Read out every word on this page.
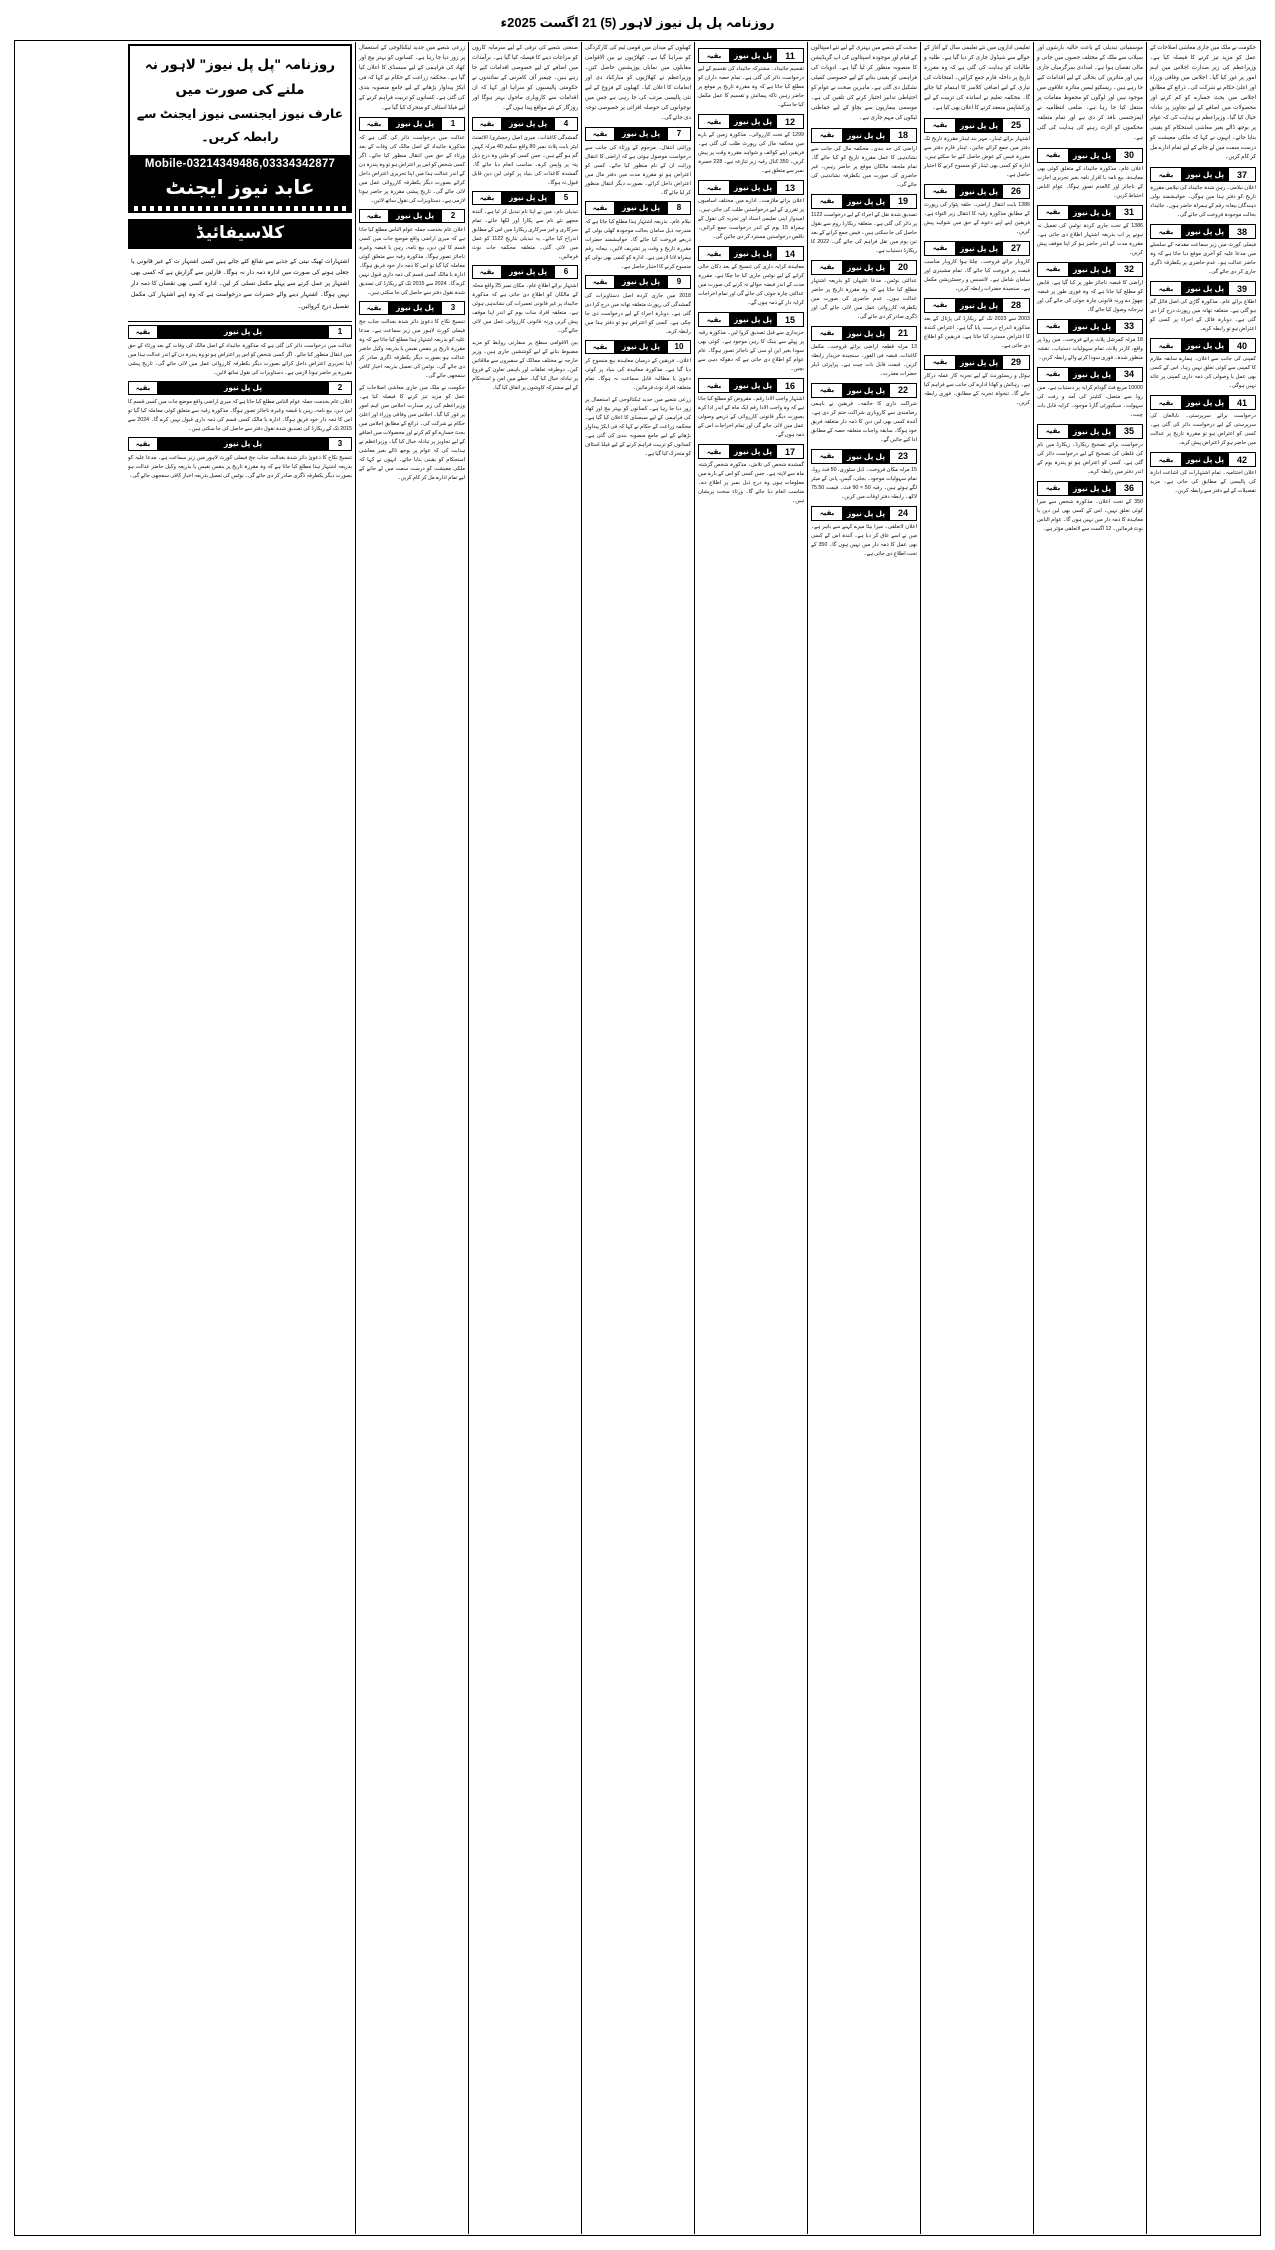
روزنامہ پل پل نیوز لاہور (5) 21 اگست 2025ء

حکومت نے ملک میں جاری معاشی اصلاحات کے عمل کو مزید تیز کرنے کا فیصلہ کیا ہے۔ وزیراعظم کی زیر صدارت اجلاس میں اہم امور پر غور کیا گیا۔ اجلاس میں وفاقی وزراء اور اعلیٰ حکام نے شرکت کی۔ ذرائع کے مطابق اجلاس میں بجٹ خسارے کو کم کرنے اور محصولات میں اضافے کے لیے تجاویز پر تبادلہ خیال کیا گیا۔ وزیراعظم نے ہدایت کی کہ عوام پر بوجھ ڈالے بغیر معاشی استحکام کو یقینی بنایا جائے۔ انہوں نے کہا کہ ملکی معیشت کو درست سمت میں لے جانے کے لیے تمام ادارے مل کر کام کریں۔

37
پل پل نیوز
بقیہ

اعلان نیلامی۔ رہن شدہ جائیداد کی نیلامی مقررہ تاریخ کو دفتر ہذا میں ہوگی۔ خواہشمند بولی دہندگان بیعانہ رقم کے ہمراہ حاضر ہوں۔ جائیداد بحالت موجودہ فروخت کی جائے گی۔

38
پل پل نیوز
بقیہ

فیملی کورٹ میں زیر سماعت مقدمہ کے سلسلے میں مدعا علیہ کو آخری موقع دیا جاتا ہے کہ وہ حاضر عدالت ہو۔ عدم حاضری پر یکطرفہ ڈگری جاری کر دی جائے گی۔

39
پل پل نیوز
بقیہ

اطلاع برائے عام۔ مذکورہ گاڑی کی اصل فائل گم ہو گئی ہے۔ متعلقہ تھانہ میں رپورٹ درج کرا دی گئی ہے۔ دوبارہ فائل کے اجراء پر کسی کو اعتراض ہو تو رابطہ کرے۔

40
پل پل نیوز
بقیہ

کمپنی کی جانب سے اعلان۔ ہمارے سابقہ ملازم کا کمپنی سے کوئی تعلق نہیں رہا۔ اس کے کسی بھی عمل یا وصولی کی ذمہ داری کمپنی پر عائد نہیں ہوگی۔

41
پل پل نیوز
بقیہ

درخواست برائے سرپرستی۔ نابالغان کی سرپرستی کے لیے درخواست دائر کی گئی ہے۔ کسی کو اعتراض ہو تو مقررہ تاریخ پر عدالت میں حاضر ہو کر اعتراض پیش کرے۔

42
پل پل نیوز
بقیہ

اعلان اختتامیہ۔ تمام اشتہارات کی اشاعت ادارہ کی پالیسی کے مطابق کی جاتی ہے۔ مزید تفصیلات کے لیے دفتر سے رابطہ کریں۔

موسمیاتی تبدیلی کے باعث حالیہ بارشوں اور سیلاب سے ملک کے مختلف حصوں میں جانی و مالی نقصان ہوا ہے۔ امدادی سرگرمیاں جاری ہیں اور متاثرین کی بحالی کے لیے اقدامات کیے جا رہے ہیں۔ ریسکیو ٹیمیں متاثرہ علاقوں میں موجود ہیں اور لوگوں کو محفوظ مقامات پر منتقل کیا جا رہا ہے۔ ضلعی انتظامیہ نے ایمرجنسی نافذ کر دی ہے اور تمام متعلقہ محکموں کو الرٹ رہنے کی ہدایت کی گئی ہے۔

30
پل پل نیوز
بقیہ

اعلان عام۔ مذکورہ جائیداد کے متعلق کوئی بھی معاہدہ، بیع نامہ یا اقرار نامہ بغیر تحریری اجازت کے ناجائز اور کالعدم تصور ہوگا۔ عوام الناس احتیاط کریں۔

31
پل پل نیوز
بقیہ

1386 کے تحت جاری کردہ نوٹس کی تعمیل نہ ہونے پر اب بذریعہ اشتہار اطلاع دی جاتی ہے۔ مقررہ مدت کے اندر حاضر ہو کر اپنا موقف پیش کریں۔

32
پل پل نیوز
بقیہ

اراضی کا قبضہ ناجائز طور پر کیا گیا ہے۔ قابض کو مطلع کیا جاتا ہے کہ وہ فوری طور پر قبضہ چھوڑ دے ورنہ قانونی چارہ جوئی کی جائے گی اور ہرجانہ وصول کیا جائے گا۔

33
پل پل نیوز
بقیہ

18 مرلہ کمرشل پلاٹ برائے فروخت۔ مین روڈ پر واقع، کارنر پلاٹ، تمام سہولیات دستیاب۔ نقشہ منظور شدہ۔ فوری سودا کرنے والے رابطہ کریں۔

34
پل پل نیوز
بقیہ

10000 مربع فٹ گودام کرایہ پر دستیاب ہے۔ مین روڈ سے متصل، کنٹینر کی آمد و رفت کی سہولت۔ سیکیورٹی گارڈ موجود۔ کرایہ قابل بات چیت۔

35
پل پل نیوز
بقیہ

درخواست برائے تصحیح ریکارڈ۔ ریکارڈ میں نام کی غلطی کی تصحیح کے لیے درخواست دائر کی گئی ہے۔ کسی کو اعتراض ہو تو پندرہ یوم کے اندر دفتر میں رابطہ کرے۔

36
پل پل نیوز
بقیہ

350 کے تحت اعلان۔ مذکورہ شخص سے میرا کوئی تعلق نہیں۔ اس کے کسی بھی لین دین یا معاہدہ کا ذمہ دار میں نہیں ہوں گا۔ عوام الناس نوٹ فرمائیں۔ 12 اگست سے لاتعلقی مؤثر ہے۔

تعلیمی اداروں میں نئے تعلیمی سال کے آغاز کے حوالے سے شیڈول جاری کر دیا گیا ہے۔ طلبہ و طالبات کو ہدایت کی گئی ہے کہ وہ مقررہ تاریخ پر داخلہ فارم جمع کرائیں۔ امتحانات کی تیاری کے لیے اضافی کلاسز کا اہتمام کیا جائے گا۔ محکمہ تعلیم نے اساتذہ کی تربیت کے لیے ورکشاپس منعقد کرنے کا اعلان بھی کیا ہے۔

25
پل پل نیوز
بقیہ

اشتہار برائے ٹینڈر۔ مہر بند ٹینڈر مقررہ تاریخ تک دفتر میں جمع کرائے جائیں۔ ٹینڈر فارم دفتر سے مقررہ فیس کے عوض حاصل کیے جا سکتے ہیں۔ ادارہ کو کسی بھی ٹینڈر کو منسوخ کرنے کا اختیار حاصل ہے۔

26
پل پل نیوز
بقیہ

1386 بابت انتقال اراضی۔ حلقہ پٹوار کی رپورٹ کے مطابق مذکورہ رقبہ کا انتقال زیر التواء ہے۔ فریقین اپنے اپنے دعوے کے حق میں شواہد پیش کریں۔

27
پل پل نیوز
بقیہ

کاروبار برائے فروخت۔ چلتا ہوا کاروبار مناسب قیمت پر فروخت کیا جائے گا۔ تمام مشینری اور سامان شامل ہے۔ لائسنس و رجسٹریشن مکمل ہے۔ سنجیدہ حضرات رابطہ کریں۔

28
پل پل نیوز
بقیہ

2003 سے 2023 تک کے ریکارڈ کی پڑتال کے بعد مذکورہ اندراج درست پایا گیا ہے۔ اعتراض کنندہ کا اعتراض مسترد کیا جاتا ہے۔ فریقین کو اطلاع دی جاتی ہے۔

29
پل پل نیوز
بقیہ

ہوٹل و ریسٹورنٹ کے لیے تجربہ کار عملہ درکار ہے۔ رہائش و کھانا ادارے کی جانب سے فراہم کیا جائے گا۔ تنخواہ تجربہ کے مطابق۔ فوری رابطہ کریں۔

صحت کے شعبے میں بہتری کے لیے نئے اسپتالوں کے قیام اور موجودہ اسپتالوں کی اپ گریڈیشن کا منصوبہ منظور کر لیا گیا ہے۔ ادویات کی فراہمی کو یقینی بنانے کے لیے خصوصی کمیٹی تشکیل دی گئی ہے۔ ماہرین صحت نے عوام کو احتیاطی تدابیر اختیار کرنے کی تلقین کی ہے۔ موسمی بیماریوں سے بچاؤ کے لیے حفاظتی ٹیکوں کی مہم جاری ہے۔

18
پل پل نیوز
بقیہ

اراضی کی حد بندی۔ محکمہ مال کی جانب سے نشاندہی کا عمل مقررہ تاریخ کو کیا جائے گا۔ تمام ملحقہ مالکان موقع پر حاضر رہیں۔ غیر حاضری کی صورت میں یکطرفہ نشاندہی کی جائے گی۔

19
پل پل نیوز
بقیہ

تصدیق شدہ نقل کے اجراء کے لیے درخواست 1122 پر دائر کی گئی ہے۔ متعلقہ ریکارڈ روم سے نقول حاصل کی جا سکتی ہیں۔ فیس جمع کرانے کے بعد تین یوم میں نقل فراہم کی جائے گی۔ 2022 کا ریکارڈ دستیاب ہے۔

20
پل پل نیوز
بقیہ

عدالتی نوٹس۔ مدعا علیہان کو بذریعہ اشتہار مطلع کیا جاتا ہے کہ وہ مقررہ تاریخ پر حاضر عدالت ہوں۔ عدم حاضری کی صورت میں یکطرفہ کارروائی عمل میں لائی جائے گی اور ڈگری صادر کر دی جائے گی۔

21
پل پل نیوز
بقیہ

13 مرلہ قطعہ اراضی برائے فروخت۔ مکمل کاغذات، قبضہ فی الفور۔ سنجیدہ خریدار رابطہ کریں۔ قیمت قابل بات چیت ہے۔ پراپرٹی ڈیلر حضرات معذرت۔

22
پل پل نیوز
بقیہ

شراکت داری کا خاتمہ۔ فریقین نے باہمی رضامندی سے کاروباری شراکت ختم کر دی ہے۔ آئندہ کسی بھی لین دین کا ذمہ دار متعلقہ فریق خود ہوگا۔ سابقہ واجبات متعلقہ حصہ کے مطابق ادا کیے جائیں گے۔

23
پل پل نیوز
بقیہ

15 مرلہ مکان فروخت۔ ڈبل سٹوری، 50 فٹ روڈ، تمام سہولیات موجود۔ بجلی، گیس، پانی کے میٹر لگے ہوئے ہیں۔ رقبہ 50 × 90 فٹ۔ قیمت 75.50 لاکھ۔ رابطہ دفتر اوقات میں کریں۔

24
پل پل نیوز
بقیہ

اعلان لاتعلقی۔ میرا بیٹا میرے کہنے سے باہر ہے۔ میں نے اسے عاق کر دیا ہے۔ آئندہ اس کے کسی بھی عمل کا ذمہ دار میں نہیں ہوں گا۔ 350 کے تحت اطلاع دی جاتی ہے۔

11
پل پل نیوز
بقیہ

تقسیم جائیداد۔ مشترکہ جائیداد کی تقسیم کے لیے درخواست دائر کی گئی ہے۔ تمام حصہ داران کو مطلع کیا جاتا ہے کہ وہ مقررہ تاریخ پر موقع پر حاضر رہیں تاکہ پیمائش و تقسیم کا عمل مکمل کیا جا سکے۔

12
پل پل نیوز
بقیہ

1299 کے تحت کارروائی۔ مذکورہ زمین کے بارے میں محکمہ مال کی رپورٹ طلب کی گئی ہے۔ فریقین اپنے کوائف و شواہد مقررہ وقت پر پیش کریں۔ 350 کنال رقبہ زیر تنازعہ ہے۔ 228 خسرہ نمبر سے متعلق ہے۔

13
پل پل نیوز
بقیہ

اعلان برائے ملازمت۔ ادارے میں مختلف اسامیوں پر تقرری کے لیے درخواستیں طلب کی جاتی ہیں۔ امیدوار اپنی تعلیمی اسناد اور تجربہ کی نقول کے ہمراہ 15 یوم کے اندر درخواست جمع کرائیں۔ ناقص درخواستیں مسترد کر دی جائیں گی۔

14
پل پل نیوز
بقیہ

معاہدہ کرایہ داری کی تنسیخ کے بعد دکان خالی کرانے کے لیے نوٹس جاری کیا جا چکا ہے۔ مقررہ مدت کے اندر قبضہ حوالے نہ کرنے کی صورت میں عدالتی چارہ جوئی کی جائے گی اور تمام اخراجات کرایہ دار کے ذمہ ہوں گے۔

15
پل پل نیوز
بقیہ

خریداری سے قبل تصدیق کروا لیں۔ مذکورہ رقبہ پر پہلے سے بینک کا رہن موجود ہے۔ کوئی بھی سودا بغیر این او سی کے ناجائز تصور ہوگا۔ عام عوام کو اطلاع دی جاتی ہے کہ دھوکہ دہی سے بچیں۔

16
پل پل نیوز
بقیہ

اشتہار واجب الادا رقم۔ مقروض کو مطلع کیا جاتا ہے کہ وہ واجب الادا رقم ایک ماہ کے اندر ادا کرے بصورت دیگر قانونی کارروائی کے ذریعے وصولی عمل میں لائی جائے گی اور تمام اخراجات اس کے ذمہ ہوں گے۔

17
پل پل نیوز
بقیہ

گمشدہ شخص کی تلاش۔ مذکورہ شخص گزشتہ ماہ سے لاپتہ ہے۔ جس کسی کو اس کے بارے میں معلومات ہوں وہ درج ذیل نمبر پر اطلاع دے۔ مناسب انعام دیا جائے گا۔ ورثاء سخت پریشان ہیں۔

کھیلوں کے میدان میں قومی ٹیم کی کارکردگی کو سراہا گیا ہے۔ کھلاڑیوں نے بین الاقوامی مقابلوں میں نمایاں پوزیشنیں حاصل کیں۔ وزیراعظم نے کھلاڑیوں کو مبارکباد دی اور انعامات کا اعلان کیا۔ کھیلوں کے فروغ کے لیے نئی پالیسی مرتب کی جا رہی ہے جس میں نوجوانوں کی حوصلہ افزائی پر خصوصی توجہ دی جائے گی۔

7
پل پل نیوز
بقیہ

وراثتی انتقال۔ مرحوم کے ورثاء کی جانب سے درخواست موصول ہوئی ہے کہ اراضی کا انتقال وراثت ان کے نام منظور کیا جائے۔ کسی کو اعتراض ہو تو مقررہ مدت میں دفتر مال میں اعتراض داخل کرائے۔ بصورت دیگر انتقال منظور کر لیا جائے گا۔

8
پل پل نیوز
بقیہ

نیلام عام۔ بذریعہ اشتہار ہذا مطلع کیا جاتا ہے کہ مندرجہ ذیل سامان بحالت موجودہ کھلی بولی کے ذریعے فروخت کیا جائے گا۔ خواہشمند حضرات مقررہ تاریخ و وقت پر تشریف لائیں۔ بیعانہ رقم ہمراہ لانا لازمی ہے۔ ادارہ کو کسی بھی بولی کو منسوخ کرنے کا اختیار حاصل ہے۔

9
پل پل نیوز
بقیہ

2018 میں جاری کردہ اصل دستاویزات کی گمشدگی کی رپورٹ متعلقہ تھانہ میں درج کرا دی گئی ہے۔ دوبارہ اجراء کے لیے درخواست دی جا چکی ہے۔ کسی کو اعتراض ہو تو دفتر ہذا میں رابطہ کرے۔

10
پل پل نیوز
بقیہ

اعلان۔ فریقین کے درمیان معاہدہ بیع منسوخ کر دیا گیا ہے۔ مذکورہ معاہدہ کی بنیاد پر کوئی دعویٰ یا مطالبہ قابل سماعت نہ ہوگا۔ تمام متعلقہ افراد نوٹ فرمائیں۔

زرعی شعبے میں جدید ٹیکنالوجی کے استعمال پر زور دیا جا رہا ہے۔ کسانوں کو بہتر بیج اور کھاد کی فراہمی کے لیے سبسڈی کا اعلان کیا گیا ہے۔ محکمہ زراعت کے حکام نے کہا کہ فی ایکڑ پیداوار بڑھانے کے لیے جامع منصوبہ بندی کی گئی ہے۔ کسانوں کو تربیت فراہم کرنے کے لیے فیلڈ اسٹاف کو متحرک کیا گیا ہے۔

صنعتی شعبے کی ترقی کے لیے سرمایہ کاروں کو مراعات دینے کا فیصلہ کیا گیا ہے۔ برآمدات میں اضافے کے لیے خصوصی اقدامات کیے جا رہے ہیں۔ چیمبر آف کامرس کے نمائندوں نے حکومتی پالیسیوں کو سراہا اور کہا کہ ان اقدامات سے کاروباری ماحول بہتر ہوگا اور روزگار کے نئے مواقع پیدا ہوں گے۔

4
پل پل نیوز
بقیہ

گمشدگی کاغذات۔ میری اصل رجسٹری/ الاٹمنٹ لیٹر بابت پلاٹ نمبر 80 واقع سکیم 40 مرلہ کہیں گم ہو گئے ہیں۔ جس کسی کو ملیں وہ درج ذیل پتہ پر واپس کرے۔ مناسب انعام دیا جائے گا۔ گمشدہ کاغذات کی بنیاد پر کوئی لین دین قابل قبول نہ ہوگا۔

5
پل پل نیوز
بقیہ

تبدیلی نام۔ میں نے اپنا نام تبدیل کر لیا ہے۔ آئندہ مجھے نئے نام سے پکارا اور لکھا جائے۔ تمام سرکاری و غیر سرکاری ریکارڈ میں اس کے مطابق اندراج کیا جائے۔ یہ تبدیلی بتاریخ 1122 کو عمل میں لائی گئی۔ متعلقہ محکمہ جات نوٹ فرمائیں۔

6
پل پل نیوز
بقیہ

اشتہار برائے اطلاع عام۔ مکان نمبر 25 واقع محلہ کے مالکان کو اطلاع دی جاتی ہے کہ مذکورہ جائیداد پر غیر قانونی تعمیرات کی نشاندہی ہوئی ہے۔ متعلقہ افراد سات یوم کے اندر اپنا موقف پیش کریں ورنہ قانونی کارروائی عمل میں لائی جائے گی۔

بین الاقوامی سطح پر سفارتی روابط کو مزید مضبوط بنانے کے لیے کوششیں جاری ہیں۔ وزیر خارجہ نے مختلف ممالک کے سفیروں سے ملاقاتیں کیں۔ دوطرفہ تعلقات اور باہمی تعاون کے فروغ پر تبادلہ خیال کیا گیا۔ خطے میں امن و استحکام کے لیے مشترکہ کاوشوں پر اتفاق کیا گیا۔

زرعی شعبے میں جدید ٹیکنالوجی کے استعمال پر زور دیا جا رہا ہے۔ کسانوں کو بہتر بیج اور کھاد کی فراہمی کے لیے سبسڈی کا اعلان کیا گیا ہے۔ محکمہ زراعت کے حکام نے کہا کہ فی ایکڑ پیداوار بڑھانے کے لیے جامع منصوبہ بندی کی گئی ہے۔ کسانوں کو تربیت فراہم کرنے کے لیے فیلڈ اسٹاف کو متحرک کیا گیا ہے۔

1
پل پل نیوز
بقیہ

عدالت میں درخواست دائر کی گئی ہے کہ مذکورہ جائیداد کے اصل مالک کی وفات کے بعد ورثاء کے حق میں انتقال منظور کیا جائے۔ اگر کسی شخص کو اس پر اعتراض ہو تو وہ پندرہ دن کے اندر عدالت ہذا میں اپنا تحریری اعتراض داخل کرائے بصورت دیگر یکطرفہ کارروائی عمل میں لائی جائے گی۔ تاریخ پیشی مقررہ پر حاضر ہونا لازمی ہے۔ دستاویزات کی نقول ساتھ لائیں۔

2
پل پل نیوز
بقیہ

اعلان عام بخدمت جملہ عوام الناس مطلع کیا جاتا ہے کہ میری اراضی واقع موضع جات میں کسی قسم کا لین دین، بیع نامہ، رہن یا قبضہ وغیرہ ناجائز تصور ہوگا۔ مذکورہ رقبہ سے متعلق کوئی معاملہ کیا گیا تو اس کا ذمہ دار خود فریق ہوگا۔ ادارہ یا مالک کسی قسم کی ذمہ داری قبول نہیں کرے گا۔ 2024 سے 2015 تک کے ریکارڈ کی تصدیق شدہ نقول دفتر سے حاصل کی جا سکتی ہیں۔

3
پل پل نیوز
بقیہ

تنسیخ نکاح کا دعویٰ دائر شدہ بعدالت جناب جج فیملی کورٹ لاہور میں زیر سماعت ہے۔ مدعا علیہ کو بذریعہ اشتہار ہذا مطلع کیا جاتا ہے کہ وہ مقررہ تاریخ پر بنفس نفیس یا بذریعہ وکیل حاضر عدالت ہو بصورت دیگر یکطرفہ ڈگری صادر کر دی جائے گی۔ نوٹس کی تعمیل بذریعہ اخبار کافی سمجھی جائے گی۔

حکومت نے ملک میں جاری معاشی اصلاحات کے عمل کو مزید تیز کرنے کا فیصلہ کیا ہے۔ وزیراعظم کی زیر صدارت اجلاس میں اہم امور پر غور کیا گیا۔ اجلاس میں وفاقی وزراء اور اعلیٰ حکام نے شرکت کی۔ ذرائع کے مطابق اجلاس میں بجٹ خسارے کو کم کرنے اور محصولات میں اضافے کے لیے تجاویز پر تبادلہ خیال کیا گیا۔ وزیراعظم نے ہدایت کی کہ عوام پر بوجھ ڈالے بغیر معاشی استحکام کو یقینی بنایا جائے۔ انہوں نے کہا کہ ملکی معیشت کو درست سمت میں لے جانے کے لیے تمام ادارے مل کر کام کریں۔

روزنامہ "پل پل نیوز" لاہور نہ ملنے کی صورت میں
عارف نیوز ایجنسی نیوز ایجنٹ سے رابطہ کریں۔
Mobile-03214349486,03334342877
عابد نیوز ایجنٹ
کلاسیفائیڈ

اشتہارات ٹھیک نیتی کے جذبے سے شائع کئے جاتے ہیں کسی اشتہار ت کے غیر قانونی یا جعلی ہونے کی صورت میں ادارہ ذمہ دار نہ ہوگا۔ قارئین سے گزارش ہے کہ کسی بھی اشتہار پر عمل کرنے سے پہلے مکمل تسلی کر لیں۔ ادارہ کسی بھی نقصان کا ذمہ دار نہیں ہوگا۔ اشتہار دینے والے حضرات سے درخواست ہے کہ وہ اپنے اشتہار کی مکمل تفصیل درج کروائیں۔

1
پل پل نیوز
بقیہ

عدالت میں درخواست دائر کی گئی ہے کہ مذکورہ جائیداد کے اصل مالک کی وفات کے بعد ورثاء کے حق میں انتقال منظور کیا جائے۔ اگر کسی شخص کو اس پر اعتراض ہو تو وہ پندرہ دن کے اندر عدالت ہذا میں اپنا تحریری اعتراض داخل کرائے بصورت دیگر یکطرفہ کارروائی عمل میں لائی جائے گی۔ تاریخ پیشی مقررہ پر حاضر ہونا لازمی ہے۔ دستاویزات کی نقول ساتھ لائیں۔

2
پل پل نیوز
بقیہ

اعلان عام بخدمت جملہ عوام الناس مطلع کیا جاتا ہے کہ میری اراضی واقع موضع جات میں کسی قسم کا لین دین، بیع نامہ، رہن یا قبضہ وغیرہ ناجائز تصور ہوگا۔ مذکورہ رقبہ سے متعلق کوئی معاملہ کیا گیا تو اس کا ذمہ دار خود فریق ہوگا۔ ادارہ یا مالک کسی قسم کی ذمہ داری قبول نہیں کرے گا۔ 2024 سے 2015 تک کے ریکارڈ کی تصدیق شدہ نقول دفتر سے حاصل کی جا سکتی ہیں۔

3
پل پل نیوز
بقیہ

تنسیخ نکاح کا دعویٰ دائر شدہ بعدالت جناب جج فیملی کورٹ لاہور میں زیر سماعت ہے۔ مدعا علیہ کو بذریعہ اشتہار ہذا مطلع کیا جاتا ہے کہ وہ مقررہ تاریخ پر بنفس نفیس یا بذریعہ وکیل حاضر عدالت ہو بصورت دیگر یکطرفہ ڈگری صادر کر دی جائے گی۔ نوٹس کی تعمیل بذریعہ اخبار کافی سمجھی جائے گی۔
